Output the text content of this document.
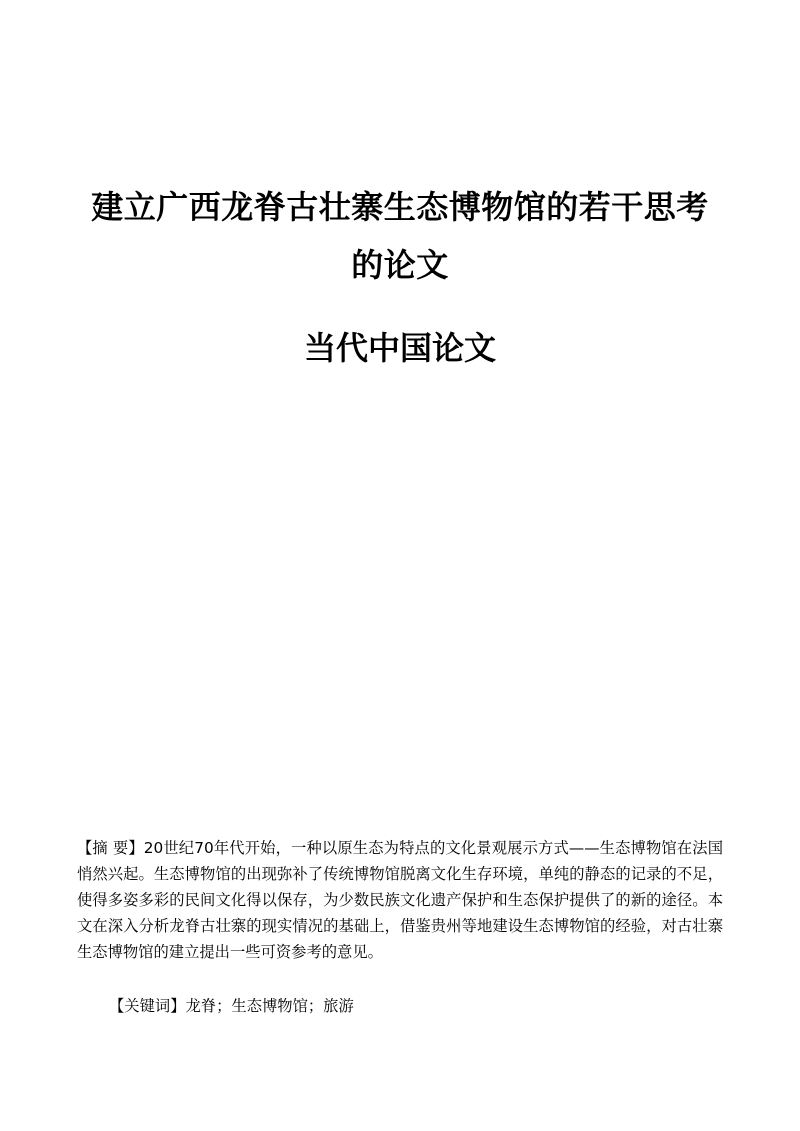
建立广西龙脊古壮寨生态博物馆的若干思考
的论文
当代中国论文
【摘 要】20世纪70年代开始，一种以原生态为特点的文化景观展示方式——生态博物馆在法国悄然兴起。生态博物馆的出现弥补了传统博物馆脱离文化生存环境，单纯的静态的记录的不足，使得多姿多彩的民间文化得以保存，为少数民族文化遗产保护和生态保护提供了的新的途径。本文在深入分析龙脊古壮寨的现实情况的基础上，借鉴贵州等地建设生态博物馆的经验，对古壮寨生态博物馆的建立提出一些可资参考的意见。
【关键词】龙脊；生态博物馆；旅游
